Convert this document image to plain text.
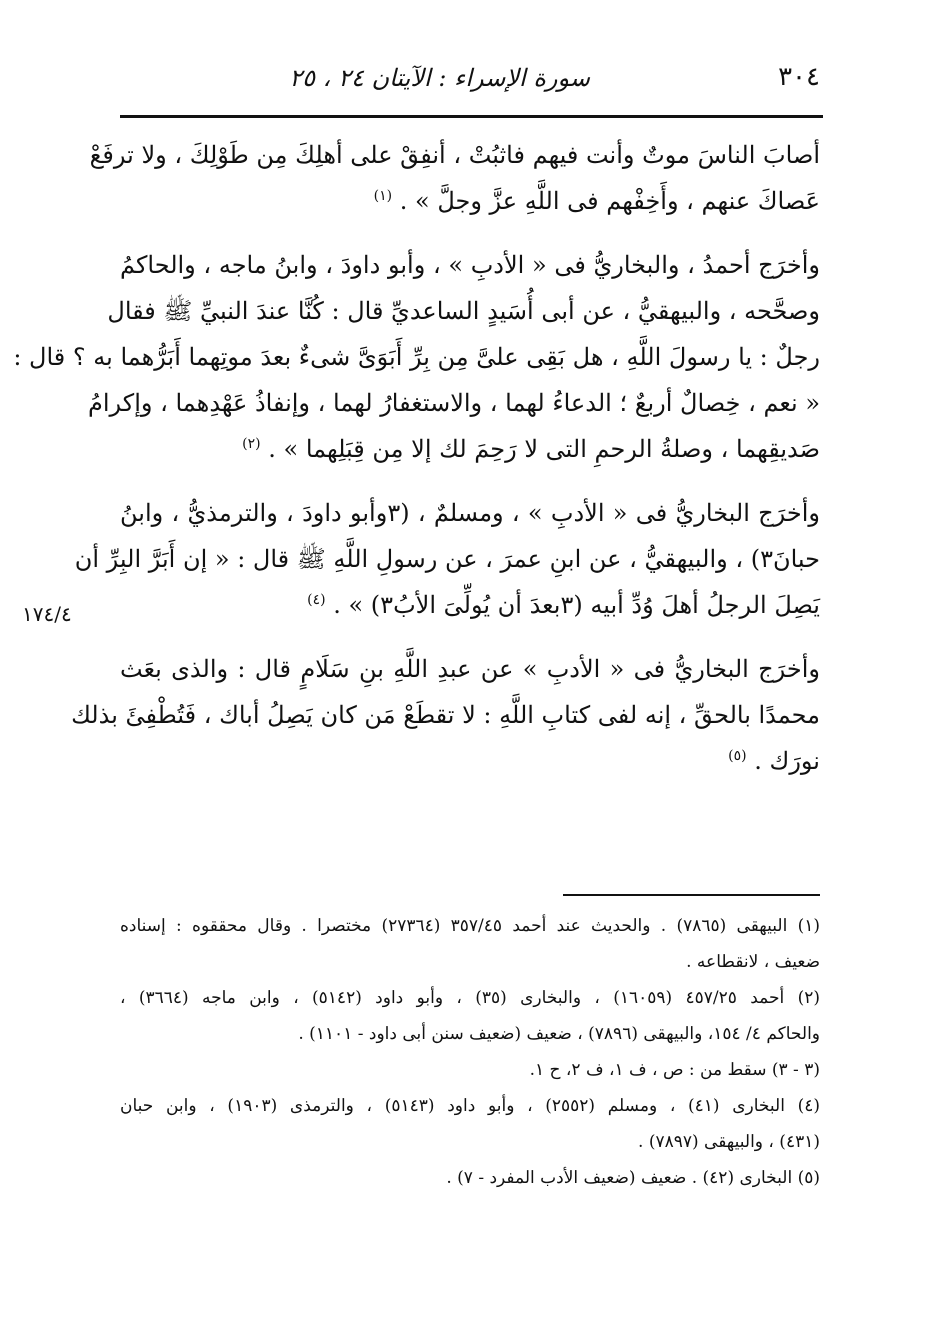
٣٠٤
سورة الإسراء : الآيتان ٢٤ ، ٢٥
١٧٤/٤
أصابَ الناسَ موتٌ وأنت فيهم فاثبُتْ ، أنفِقْ على أهلِكَ مِن طَوْلِكَ ، ولا ترفَعْ
عَصاكَ عنهم ، وأَخِفْهم فى اللَّهِ عزَّ وجلَّ » . $^{(١)}$
وأخرَج أحمدُ ، والبخاريُّ فى « الأدبِ » ، وأبو داودَ ، وابنُ ماجه ، والحاكمُ
وصحَّحه ، والبيهقيُّ ، عن أبى أُسَيدٍ الساعديِّ قال : كُنَّا عندَ النبيِّ ﷺ فقال
رجلٌ : يا رسولَ اللَّهِ ، هل بَقِى علىَّ مِن بِرِّ أَبَوَىَّ شىءٌ بعدَ موتِهما أَبَرُّهما به ؟ قال :
« نعم ، خِصالٌ أربعٌ ؛ الدعاءُ لهما ، والاستغفارُ لهما ، وإنفاذُ عَهْدِهما ، وإكرامُ
صَديقِهما ، وصلةُ الرحمِ التى لا رَحِمَ لك إلا مِن قِبَلِهما » . $^{(٢)}$
وأخرَج البخاريُّ فى « الأدبِ » ، ومسلمٌ ، (٣وأبو داودَ ، والترمذيُّ ، وابنُ
حبانَ٣) ، والبيهقيُّ ، عن ابنِ عمرَ ، عن رسولِ اللَّهِ ﷺ قال : « إن أَبَرَّ البِرِّ أن
يَصِلَ الرجلُ أهلَ وُدِّ أبيه (٣بعدَ أن يُولِّىَ الأبُ٣) » . $^{(٤)}$
وأخرَج البخاريُّ فى « الأدبِ » عن عبدِ اللَّهِ بنِ سَلَامٍ قال : والذى بعَث
محمدًا بالحقِّ ، إنه لفى كتابِ اللَّهِ : لا تقطَعْ مَن كان يَصِلُ أباك ، فَتُطْفِئَ بذلك
نورَك . $^{(٥)}$
(١) البيهقى (٧٨٦٥) . والحديث عند أحمد ٣٥٧/٤٥ (٢٧٣٦٤) مختصرا . وقال محققوه : إسناده
ضعيف ، لانقطاعه .
(٢) أحمد ٤٥٧/٢٥ (١٦٠٥٩) ، والبخارى (٣٥) ، وأبو داود (٥١٤٢) ، وابن ماجه (٣٦٦٤) ،
والحاكم ٤/ ١٥٤، والبيهقى (٧٨٩٦) ، ضعيف (ضعيف سنن أبى داود - ١١٠١) .
(٣ - ٣) سقط من : ص ، ف ١، ف ٢، ح ١.
(٤) البخارى (٤١) ، ومسلم (٢٥٥٢) ، وأبو داود (٥١٤٣) ، والترمذى (١٩٠٣) ، وابن حبان
(٤٣١) ، والبيهقى (٧٨٩٧) .
(٥) البخارى (٤٢) . ضعيف (ضعيف الأدب المفرد - ٧) .
